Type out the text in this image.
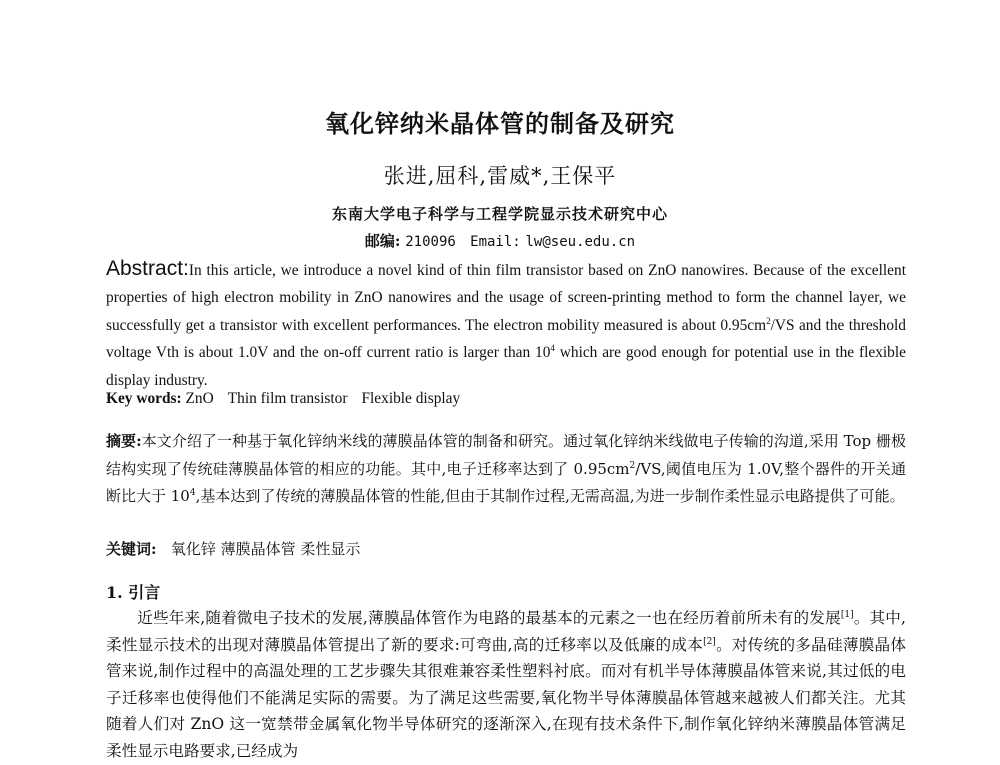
氧化锌纳米晶体管的制备及研究
张进,屈科,雷威*,王保平
东南大学电子科学与工程学院显示技术研究中心
邮编: 210096 Email: lw@seu.edu.cn
Abstract:In this article, we introduce a novel kind of thin film transistor based on ZnO nanowires. Because of the excellent properties of high electron mobility in ZnO nanowires and the usage of screen-printing method to form the channel layer, we successfully get a transistor with excellent performances. The electron mobility measured is about $0.95cm^2/VS$ and the threshold voltage Vth is about 1.0V and the on-off current ratio is larger than $10^4$ which are good enough for potential use in the flexible display industry.
Key words: ZnO Thin film transistor Flexible display
摘要:本文介绍了一种基于氧化锌纳米线的薄膜晶体管的制备和研究。通过氧化锌纳米线做电子传输的沟道,采用 Top 栅极结构实现了传统硅薄膜晶体管的相应的功能。其中,电子迁移率达到了 $0.95cm^2/VS$,阈值电压为 1.0V,整个器件的开关通断比大于 $10^4$,基本达到了传统的薄膜晶体管的性能,但由于其制作过程,无需高温,为进一步制作柔性显示电路提供了可能。
关键词: 氧化锌 薄膜晶体管 柔性显示
1. 引言
近些年来,随着微电子技术的发展,薄膜晶体管作为电路的最基本的元素之一也在经历着前所未有的发展[1]。其中,柔性显示技术的出现对薄膜晶体管提出了新的要求:可弯曲,高的迁移率以及低廉的成本[2]。对传统的多晶硅薄膜晶体管来说,制作过程中的高温处理的工艺步骤失其很难兼容柔性塑料衬底。而对有机半导体薄膜晶体管来说,其过低的电子迁移率也使得他们不能满足实际的需要。为了满足这些需要,氧化物半导体薄膜晶体管越来越被人们都关注。尤其随着人们对 ZnO 这一宽禁带金属氧化物半导体研究的逐渐深入,在现有技术条件下,制作氧化锌纳米薄膜晶体管满足柔性显示电路要求,已经成为
